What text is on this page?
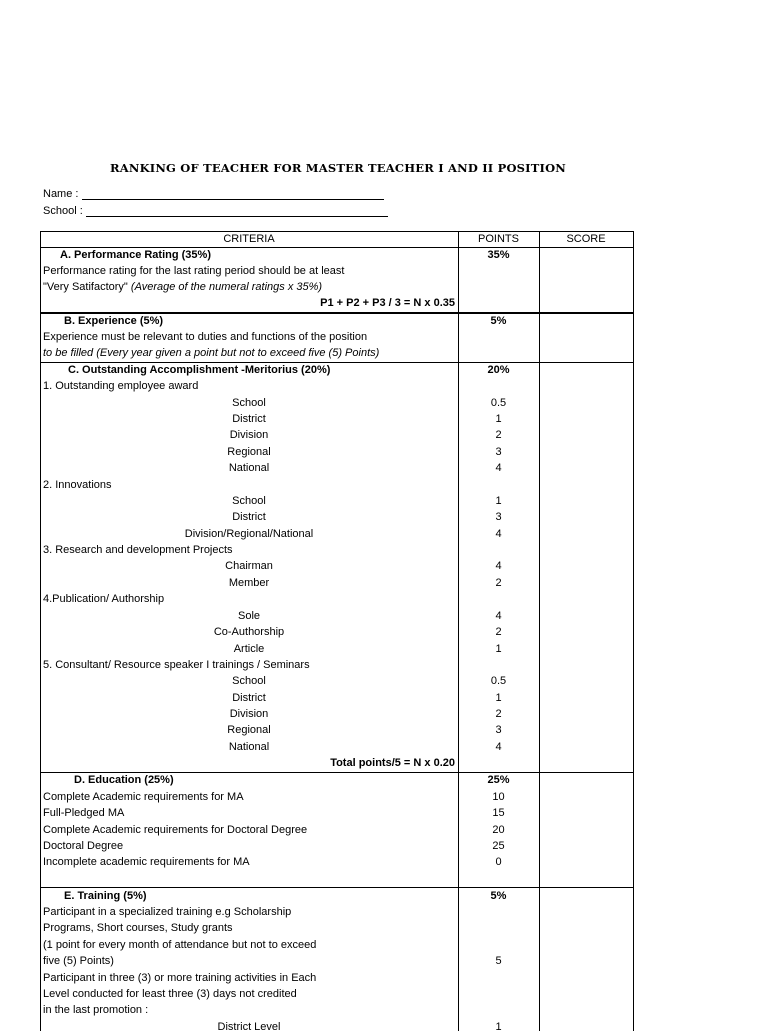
RANKING OF TEACHER FOR MASTER TEACHER I AND II POSITION
Name :
School :
CRITERIA	POINTS	SCORE
A. Performance Rating (35%)	35%
Performance rating for the last rating period should be at least
"Very Satifactory" (Average of the numeral ratings x 35%)
P1 + P2 + P3 / 3 = N x 0.35
B. Experience (5%)	5%
Experience must be relevant to duties and functions of the position
to be filled (Every year given a point but not to exceed five (5) Points)
C. Outstanding Accomplishment -Meritorius (20%)	20%
1. Outstanding employee award
School	0.5
District	1
Division	2
Regional	3
National	4
2. Innovations
School	1
District	3
Division/Regional/National	4
3. Research and development Projects
Chairman	4
Member	2
4.Publication/ Authorship
Sole	4
Co-Authorship	2
Article	1
5. Consultant/ Resource speaker I trainings / Seminars
School	0.5
District	1
Division	2
Regional	3
National	4
Total points/5 = N x 0.20
D. Education (25%)	25%
Complete Academic requirements for MA	10
Full-Pledged MA	15
Complete Academic requirements for Doctoral Degree	20
Doctoral Degree	25
Incomplete academic requirements for MA	0
E. Training (5%)	5%
Participant in a specialized training e.g Scholarship
Programs, Short courses, Study grants
(1 point for every month of attendance but not to exceed
five (5) Points)	5
Participant in three (3) or more training activities in Each
Level conducted for least three (3) days not credited
in the last promotion :
District Level	1
